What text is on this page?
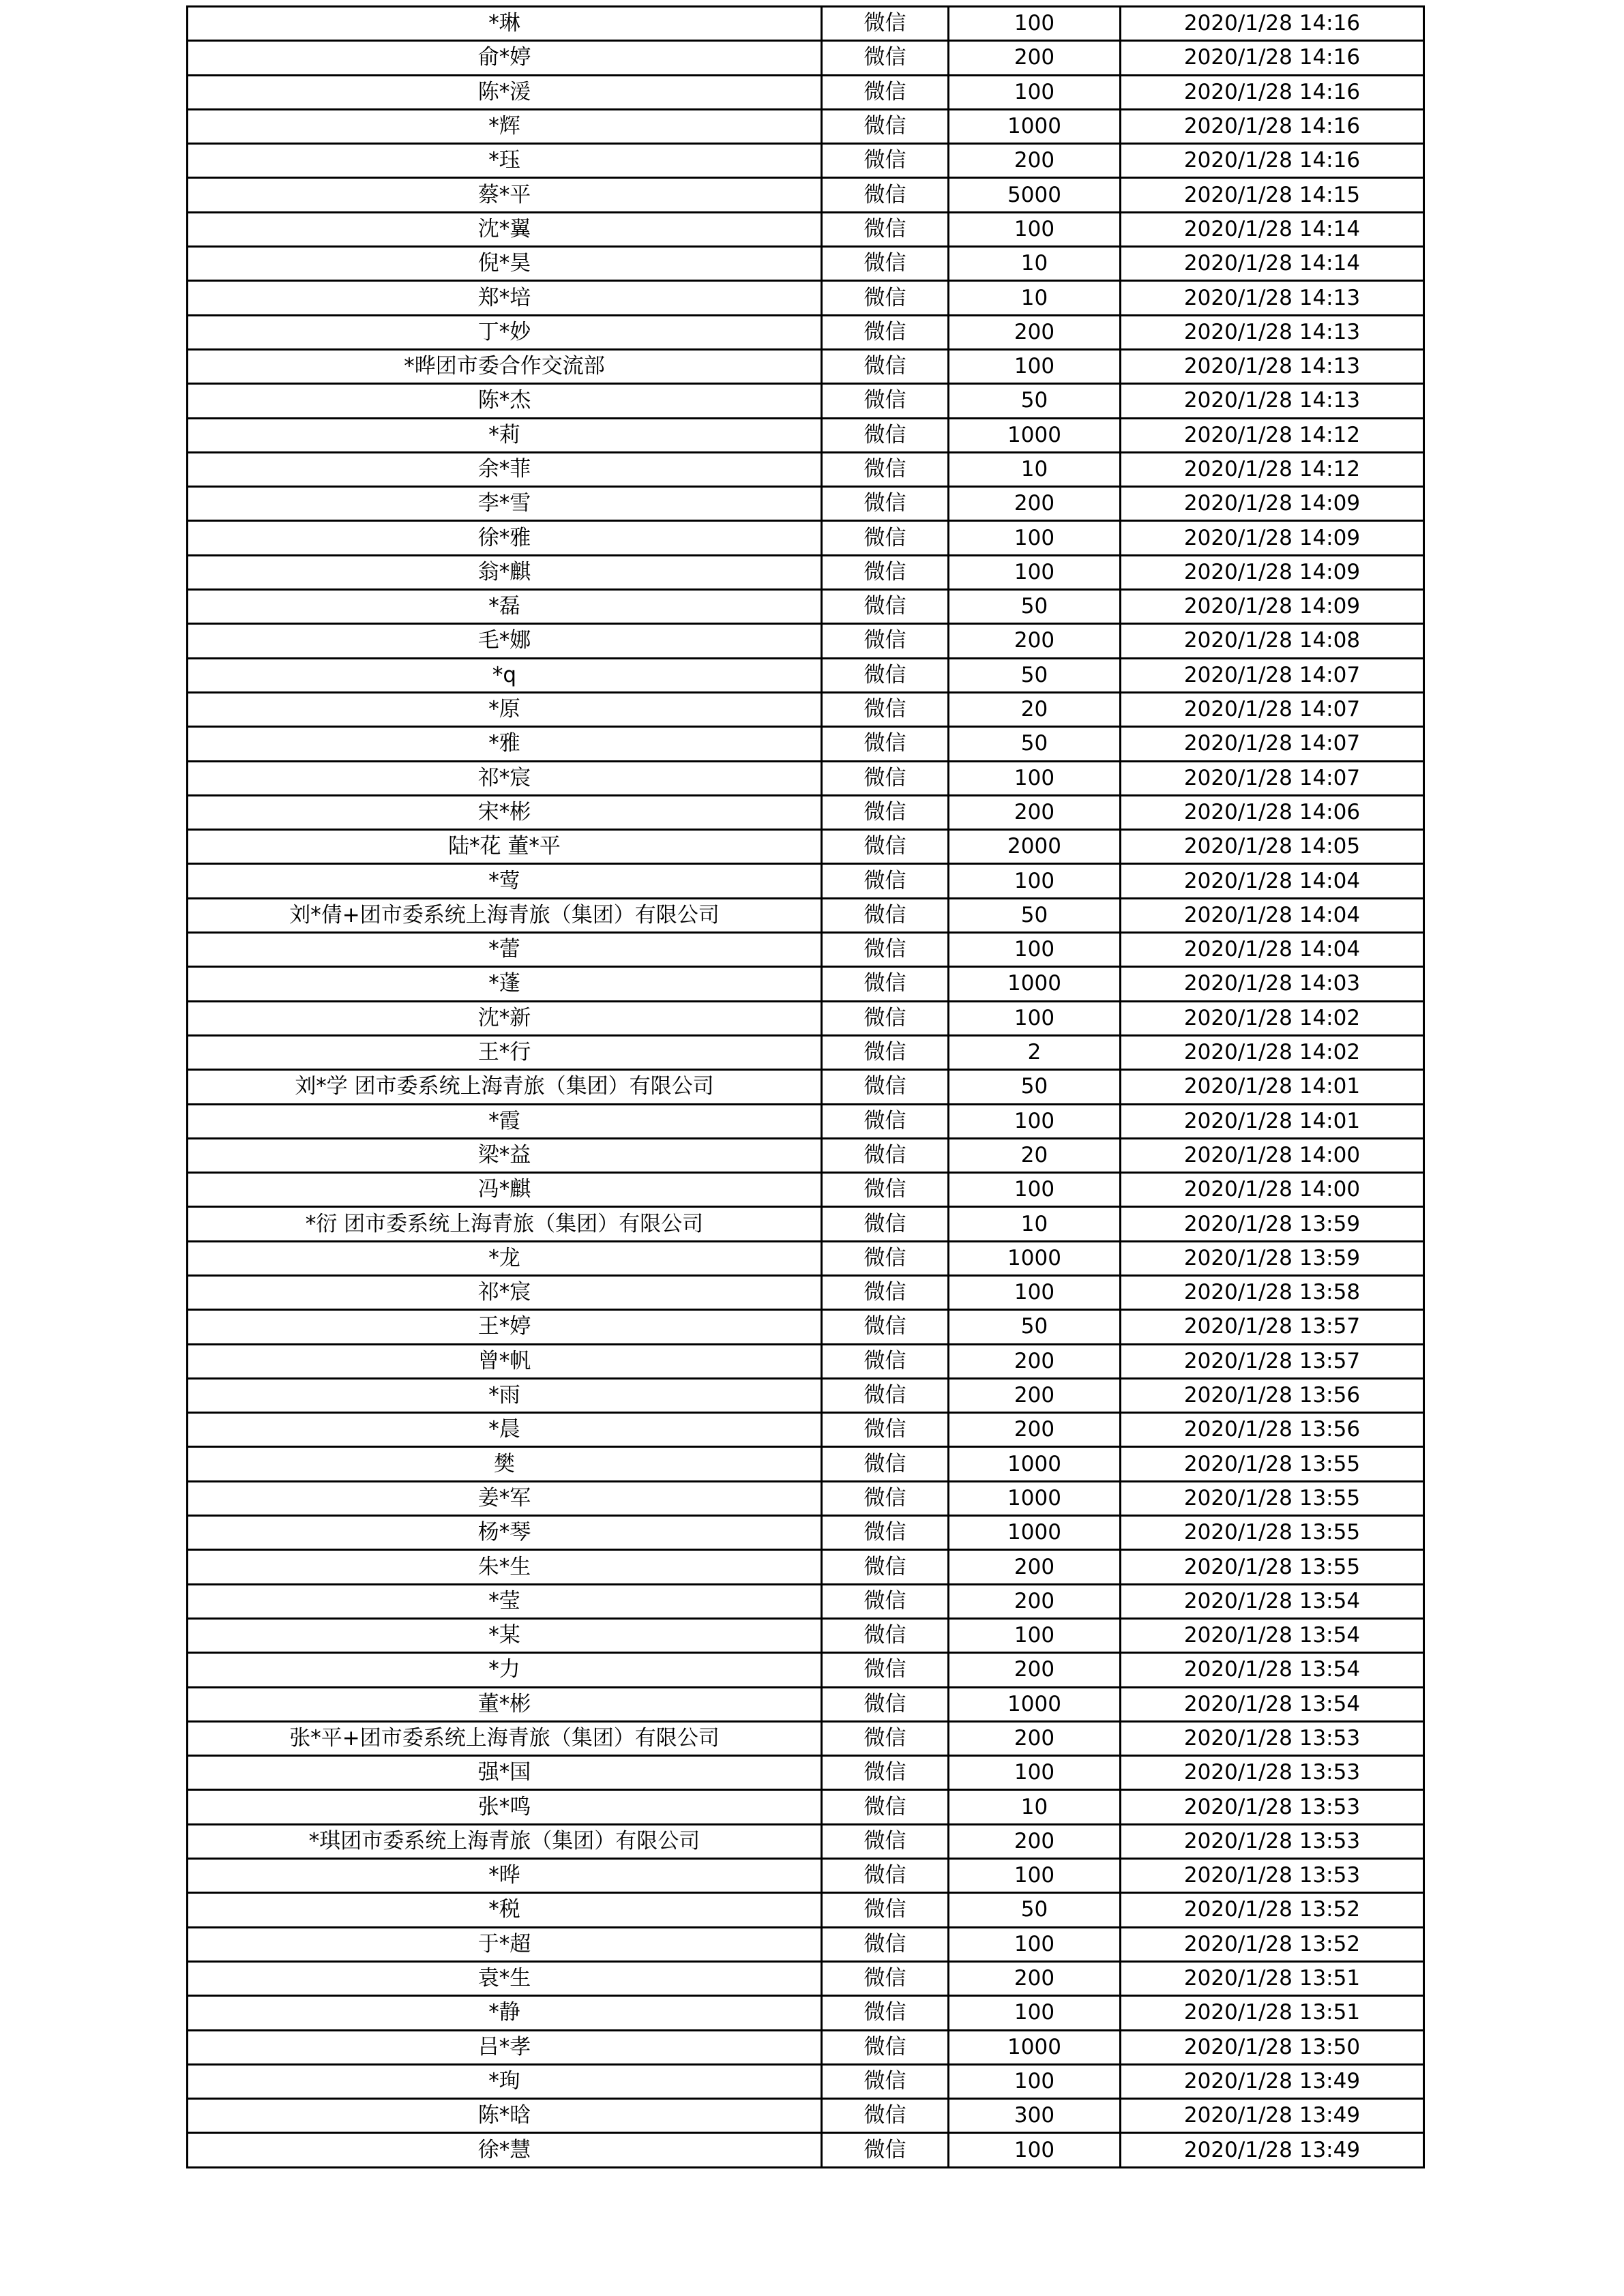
*琳	微信	100	2020/1/28 14:16
俞*婷	微信	200	2020/1/28 14:16
陈*湲	微信	100	2020/1/28 14:16
*辉	微信	1000	2020/1/28 14:16
*珏	微信	200	2020/1/28 14:16
蔡*平	微信	5000	2020/1/28 14:15
沈*翼	微信	100	2020/1/28 14:14
倪*昊	微信	10	2020/1/28 14:14
郑*培	微信	10	2020/1/28 14:13
丁*妙	微信	200	2020/1/28 14:13
*晔团市委合作交流部	微信	100	2020/1/28 14:13
陈*杰	微信	50	2020/1/28 14:13
*莉	微信	1000	2020/1/28 14:12
余*菲	微信	10	2020/1/28 14:12
李*雪	微信	200	2020/1/28 14:09
徐*雅	微信	100	2020/1/28 14:09
翁*麒	微信	100	2020/1/28 14:09
*磊	微信	50	2020/1/28 14:09
毛*娜	微信	200	2020/1/28 14:08
*q	微信	50	2020/1/28 14:07
*原	微信	20	2020/1/28 14:07
*雅	微信	50	2020/1/28 14:07
祁*宸	微信	100	2020/1/28 14:07
宋*彬	微信	200	2020/1/28 14:06
陆*花 董*平	微信	2000	2020/1/28 14:05
*莺	微信	100	2020/1/28 14:04
刘*倩+团市委系统上海青旅（集团）有限公司	微信	50	2020/1/28 14:04
*蕾	微信	100	2020/1/28 14:04
*蓬	微信	1000	2020/1/28 14:03
沈*新	微信	100	2020/1/28 14:02
王*行	微信	2	2020/1/28 14:02
刘*学 团市委系统上海青旅（集团）有限公司	微信	50	2020/1/28 14:01
*霞	微信	100	2020/1/28 14:01
梁*益	微信	20	2020/1/28 14:00
冯*麒	微信	100	2020/1/28 14:00
*衍 团市委系统上海青旅（集团）有限公司	微信	10	2020/1/28 13:59
*龙	微信	1000	2020/1/28 13:59
祁*宸	微信	100	2020/1/28 13:58
王*婷	微信	50	2020/1/28 13:57
曾*帆	微信	200	2020/1/28 13:57
*雨	微信	200	2020/1/28 13:56
*晨	微信	200	2020/1/28 13:56
樊	微信	1000	2020/1/28 13:55
姜*军	微信	1000	2020/1/28 13:55
杨*琴	微信	1000	2020/1/28 13:55
朱*生	微信	200	2020/1/28 13:55
*莹	微信	200	2020/1/28 13:54
*某	微信	100	2020/1/28 13:54
*力	微信	200	2020/1/28 13:54
董*彬	微信	1000	2020/1/28 13:54
张*平+团市委系统上海青旅（集团）有限公司	微信	200	2020/1/28 13:53
强*国	微信	100	2020/1/28 13:53
张*鸣	微信	10	2020/1/28 13:53
*琪团市委系统上海青旅（集团）有限公司	微信	200	2020/1/28 13:53
*晔	微信	100	2020/1/28 13:53
*税	微信	50	2020/1/28 13:52
于*超	微信	100	2020/1/28 13:52
袁*生	微信	200	2020/1/28 13:51
*静	微信	100	2020/1/28 13:51
吕*孝	微信	1000	2020/1/28 13:50
*珣	微信	100	2020/1/28 13:49
陈*晗	微信	300	2020/1/28 13:49
徐*慧	微信	100	2020/1/28 13:49
